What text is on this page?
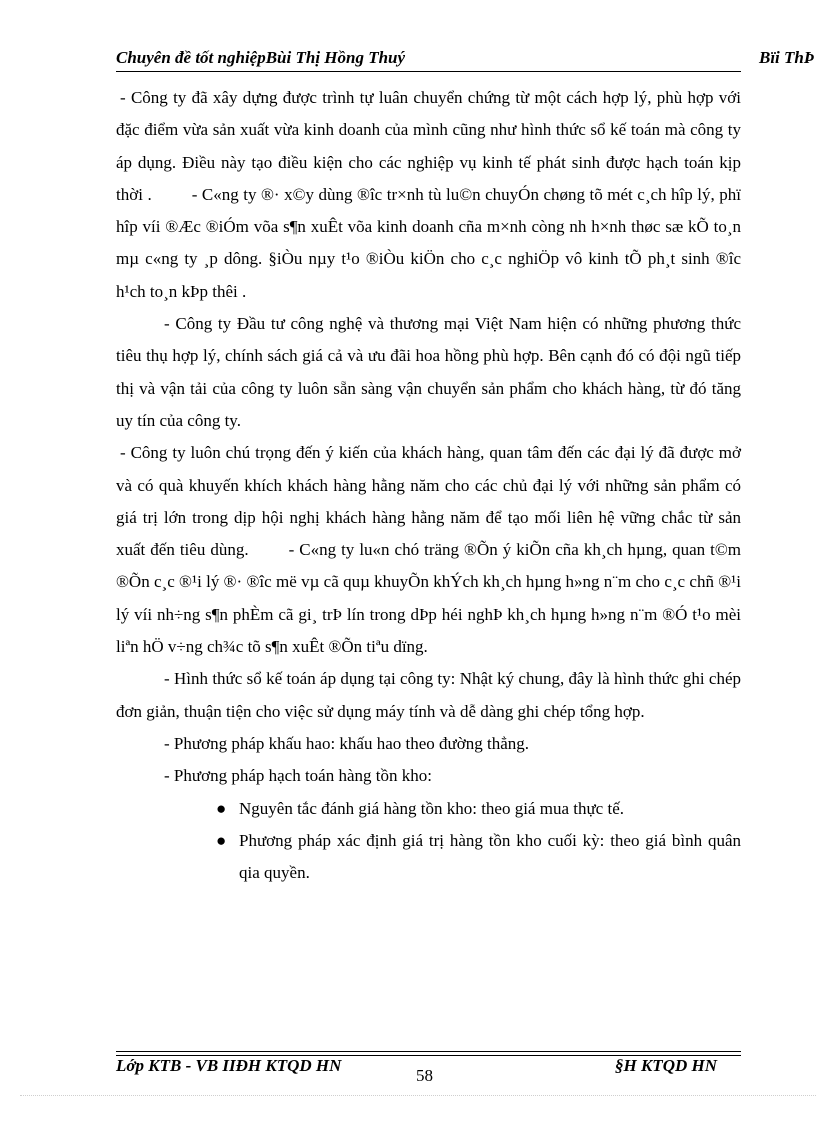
Chuyên đề tốt nghiệpBùi Thị Hồng Thuý	Bïi ThÞ

- Công ty đã xây dựng được trình tự luân chuyển chứng từ một cách hợp lý, phù hợp với đặc điểm vừa sản xuất vừa kinh doanh của mình cũng như hình thức sổ kế toán mà công ty áp dụng. Điều này tạo điều kiện cho các nghiệp vụ kinh tế phát sinh được hạch toán kịp thời . - C«ng ty ®· x©y dùng ®îc tr×nh tù lu©n chuyÓn chøng tõ mét c¸ch hîp lý, phï hîp víi ®Æc ®iÓm võa s¶n xuÊt võa kinh doanh cña m×nh còng nh h×nh thøc sæ kÕ to¸n mµ c«ng ty ¸p dông. §iÒu nµy t¹o ®iÒu kiÖn cho c¸c nghiÖp vô kinh tÕ ph¸t sinh ®îc h¹ch to¸n kÞp thêi .

- Công ty Đầu tư công nghệ và thương mại Việt Nam hiện có những phương thức tiêu thụ hợp lý, chính sách giá cả và ưu đãi hoa hồng phù hợp. Bên cạnh đó có đội ngũ tiếp thị và vận tải của công ty luôn sẵn sàng vận chuyển sản phẩm cho khách hàng, từ đó tăng uy tín của công ty.

- Công ty luôn chú trọng đến ý kiến của khách hàng, quan tâm đến các đại lý đã được mở và có quà khuyến khích khách hàng hằng năm cho các chủ đại lý với những sản phẩm có giá trị lớn trong dịp hội nghị khách hàng hằng năm để tạo mối liên hệ vững chắc từ sản xuất đến tiêu dùng. - C«ng ty lu«n chó träng ®Õn ý kiÕn cña kh¸ch hµng, quan t©m ®Õn c¸c ®¹i lý ®· ®îc më vµ cã quµ khuyÕn khÝch kh¸ch hµng h»ng n¨m cho c¸c chñ ®¹i lý víi nh÷ng s¶n phÈm cã gi¸ trÞ lín trong dÞp héi nghÞ kh¸ch hµng h»ng n¨m ®Ó t¹o mèi liªn hÖ v÷ng ch¾c tõ s¶n xuÊt ®Õn tiªu dïng.

- Hình thức sổ kế toán áp dụng tại công ty: Nhật ký chung, đây là hình thức ghi chép đơn giản, thuận tiện cho việc sử dụng máy tính và dễ dàng ghi chép tổng hợp.

- Phương pháp khấu hao: khấu hao theo đường thẳng.

- Phương pháp hạch toán hàng tồn kho:

● Nguyên tắc đánh giá hàng tồn kho: theo giá mua thực tế.
● Phương pháp xác định giá trị hàng tồn kho cuối kỳ: theo giá bình quân qia quyền.
Lớp KTB - VB IIĐH KTQD HN
58
§H KTQD HN
